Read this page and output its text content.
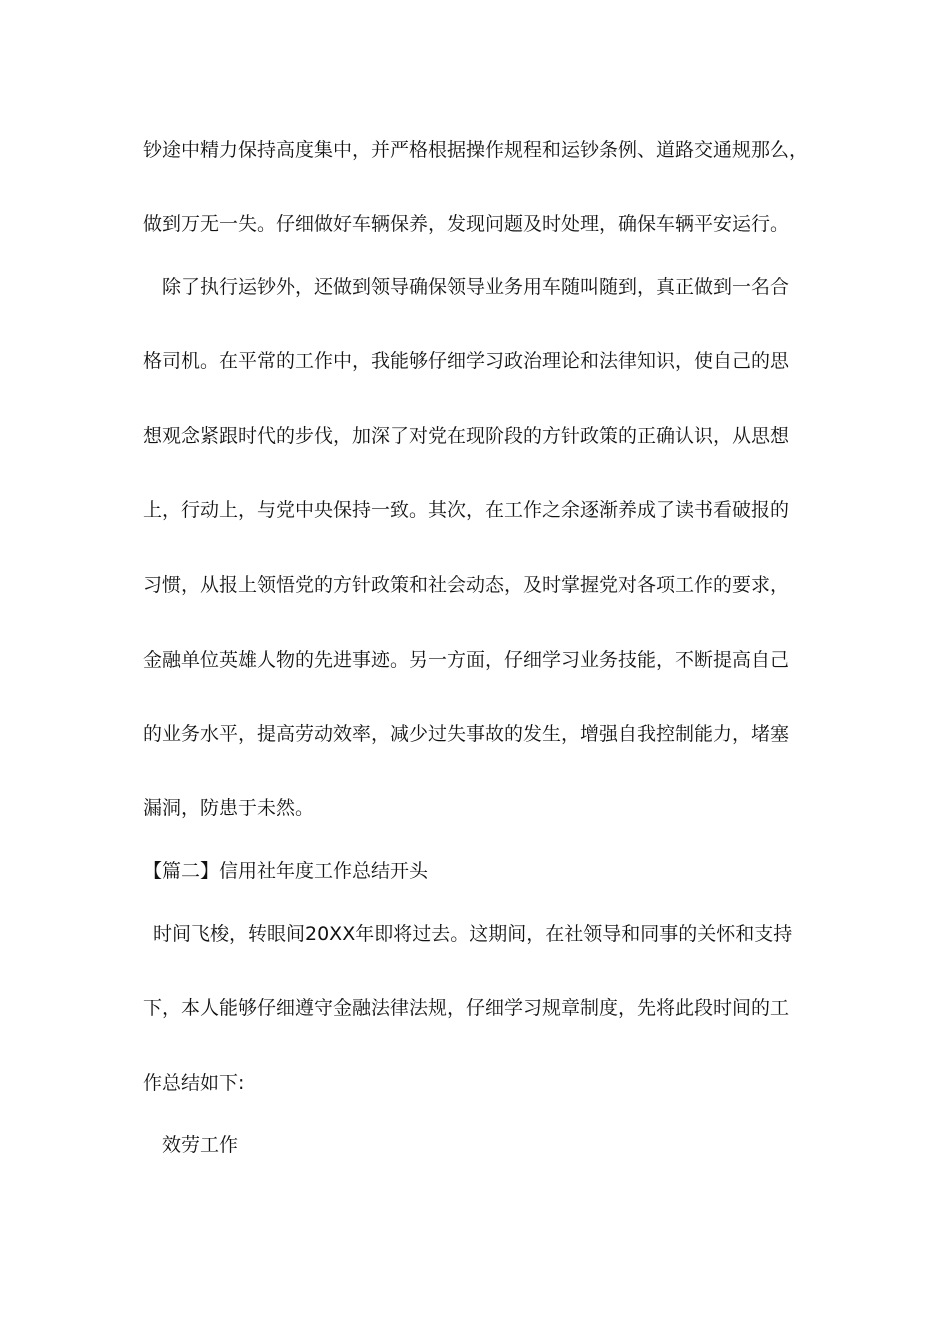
钞途中精力保持高度集中，并严格根据操作规程和运钞条例、道路交通规那么，
做到万无一失。仔细做好车辆保养，发现问题及时处理，确保车辆平安运行。
除了执行运钞外，还做到领导确保领导业务用车随叫随到，真正做到一名合
格司机。在平常的工作中，我能够仔细学习政治理论和法律知识，使自己的思
想观念紧跟时代的步伐，加深了对党在现阶段的方针政策的正确认识，从思想
上，行动上，与党中央保持一致。其次，在工作之余逐渐养成了读书看破报的
习惯，从报上领悟党的方针政策和社会动态，及时掌握党对各项工作的要求，
金融单位英雄人物的先进事迹。另一方面，仔细学习业务技能，不断提高自己
的业务水平，提高劳动效率，减少过失事故的发生，增强自我控制能力，堵塞
漏洞，防患于未然。
【篇二】信用社年度工作总结开头
时间飞梭，转眼间20XX年即将过去。这期间，在社领导和同事的关怀和支持
下，本人能够仔细遵守金融法律法规，仔细学习规章制度，先将此段时间的工
作总结如下:
效劳工作
